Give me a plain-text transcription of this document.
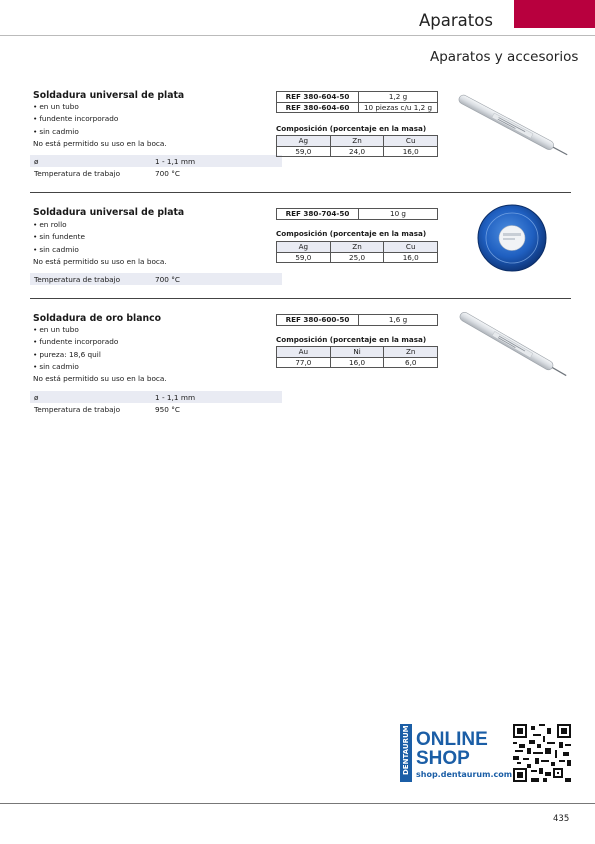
Aparatos
Aparatos y accesorios
Soldadura universal de plata
• en un tubo
• fundente incorporado
• sin cadmio
No está permitido su uso en la boca.
ø	1 - 1,1 mm
Temperatura de trabajo	700 °C
REF 380-604-50	1,2 g
REF 380-604-60	10 piezas c/u 1,2 g
Composición (porcentaje en la masa)
Ag	Zn	Cu
59,0	24,0	16,0
Soldadura universal de plata
• en rollo
• sin fundente
• sin cadmio
No está permitido su uso en la boca.
Temperatura de trabajo	700 °C
REF 380-704-50	10 g
Composición (porcentaje en la masa)
Ag	Zn	Cu
59,0	25,0	16,0
Soldadura de oro blanco
• en un tubo
• fundente incorporado
• pureza: 18,6 quil
• sin cadmio
No está permitido su uso en la boca.
ø	1 - 1,1 mm
Temperatura de trabajo	950 °C
REF 380-600-50	1,6 g
Composición (porcentaje en la masa)
Au	Ni	Zn
77,0	16,0	6,0
DENTAURUM ONLINE
SHOP
shop.dentaurum.com
435
